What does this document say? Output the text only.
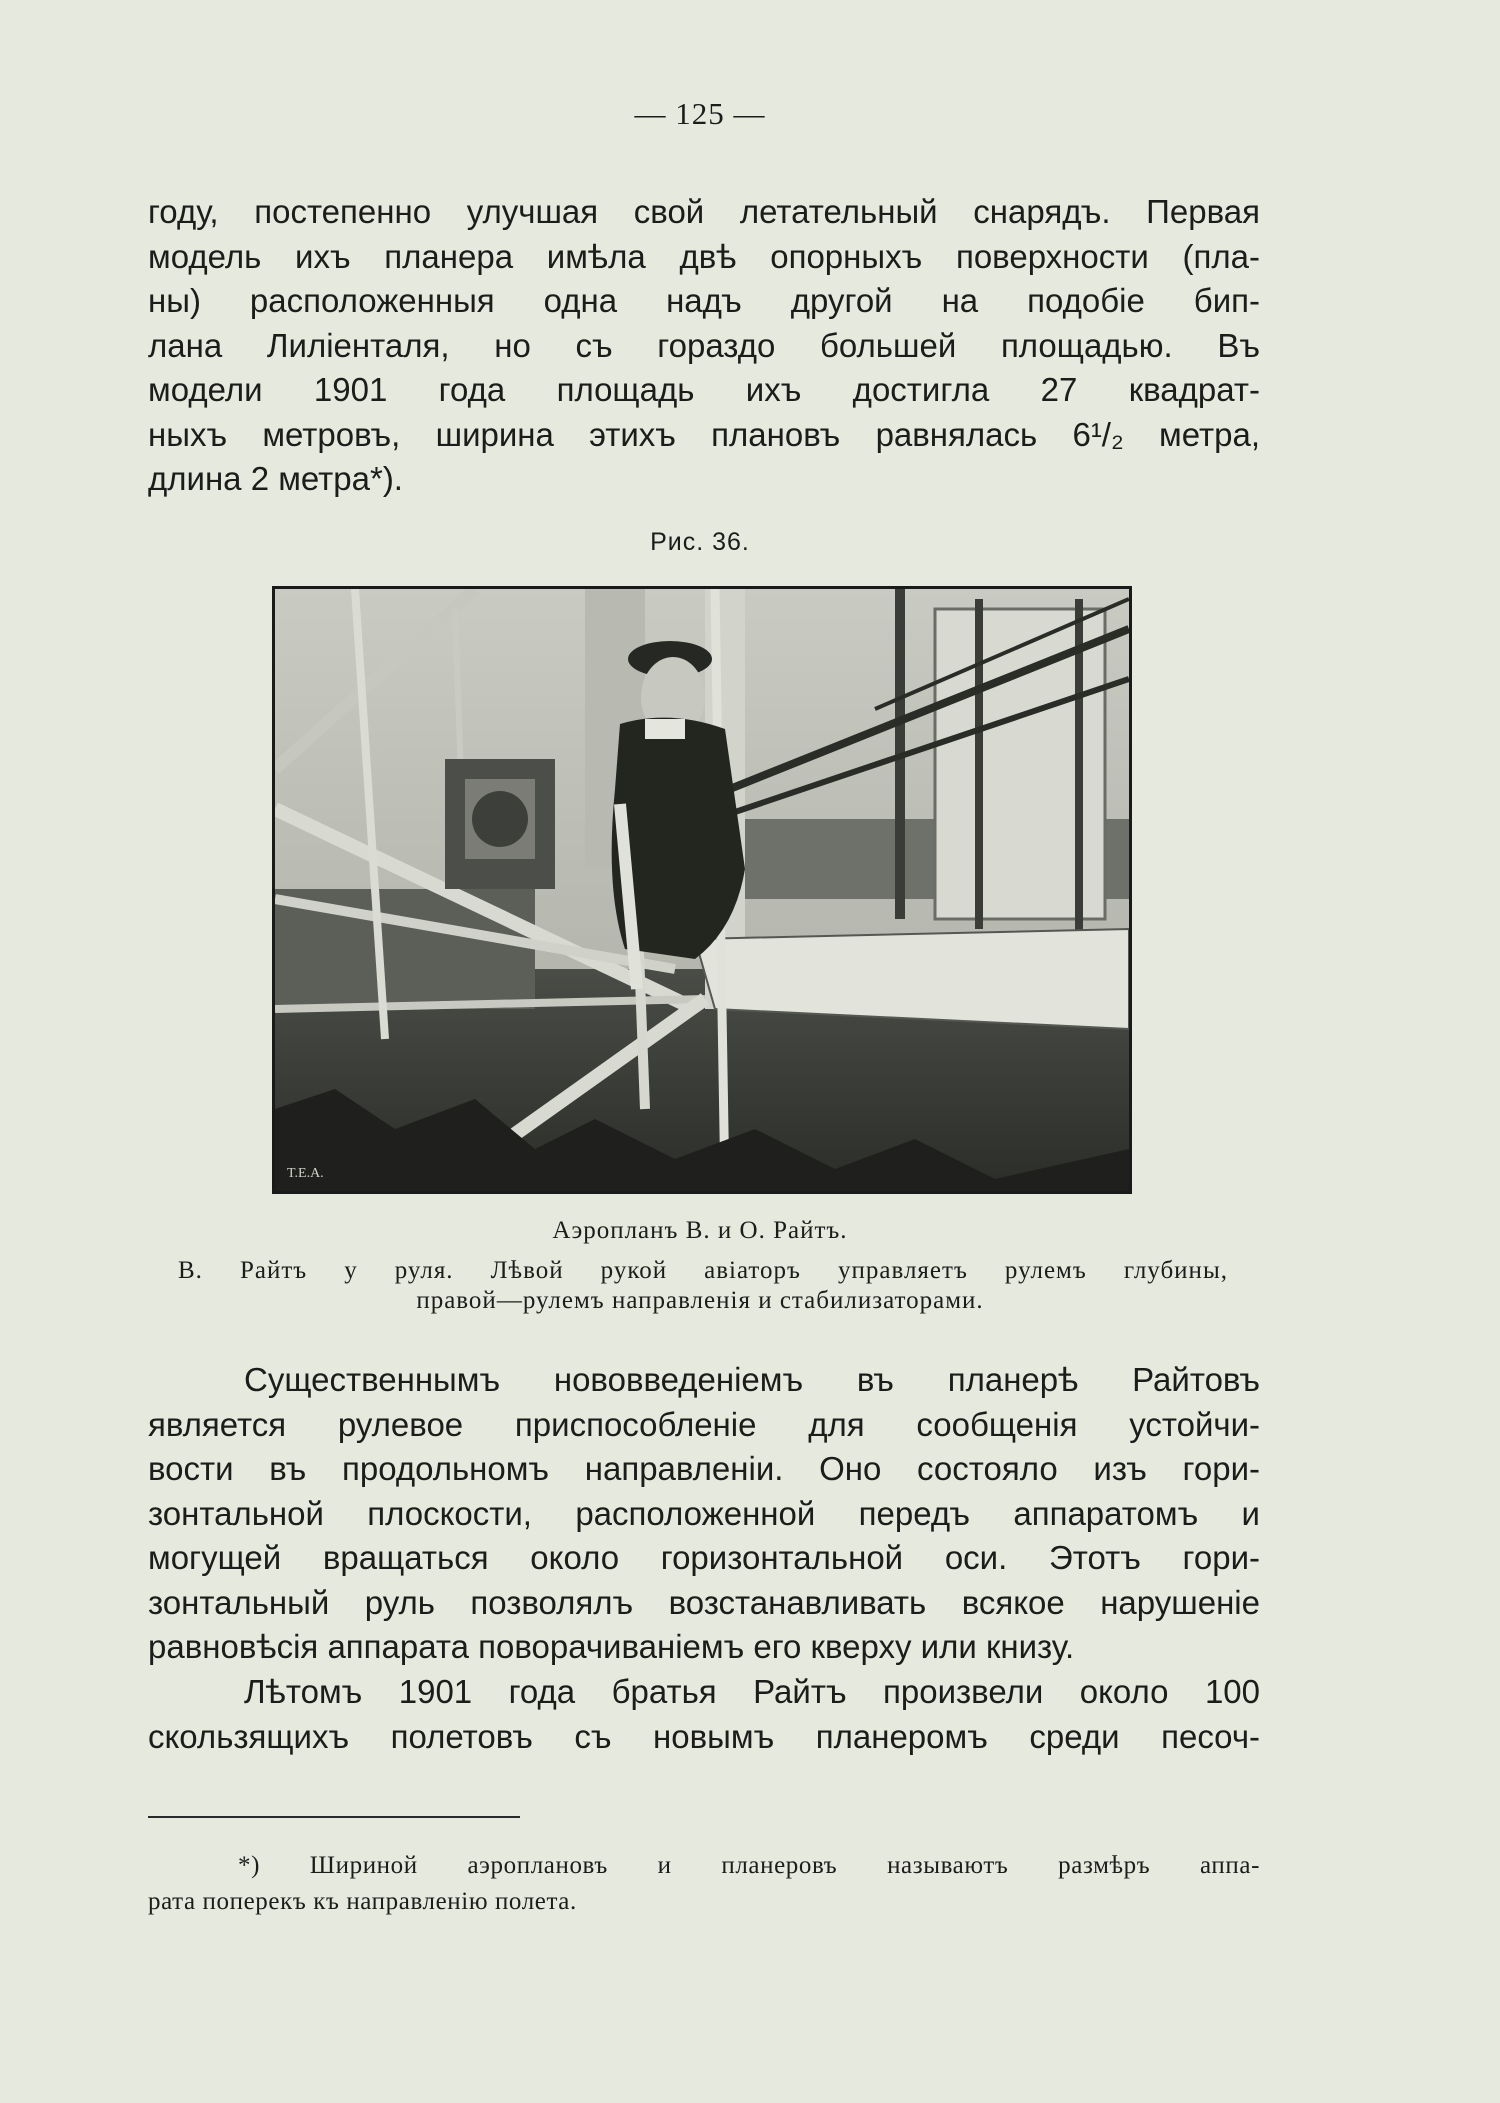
— 125 —
году, постепенно улучшая свой летательный снарядъ. Первая
модель ихъ планера имѣла двѣ опорныхъ поверхности (пла-
ны) расположенныя одна надъ другой на подобіе бип-
лана Лиліенталя, но съ гораздо большей площадью. Въ
модели 1901 года площадь ихъ достигла 27 квадрат-
ныхъ метровъ, ширина этихъ плановъ равнялась 6¹/₂ метра,
длина 2 метра*).
Рис. 36.
T.E.A.
Аэропланъ В. и О. Райтъ.
В. Райтъ у руля. Лѣвой рукой авіаторъ управляетъ рулемъ глубины,
правой—рулемъ направленія и стабилизаторами.
Существеннымъ нововведеніемъ въ планерѣ Райтовъ
является рулевое приспособленіе для сообщенія устойчи-
вости въ продольномъ направленіи. Оно состояло изъ гори-
зонтальной плоскости, расположенной передъ аппаратомъ и
могущей вращаться около горизонтальной оси. Этотъ гори-
зонтальный руль позволялъ возстанавливать всякое нарушеніе
равновѣсія аппарата поворачиваніемъ его кверху или книзу.
Лѣтомъ 1901 года братья Райтъ произвели около 100
скользящихъ полетовъ съ новымъ планеромъ среди песоч-
*) Шириной аэроплановъ и планеровъ называютъ размѣръ аппа-
рата поперекъ къ направленію полета.
